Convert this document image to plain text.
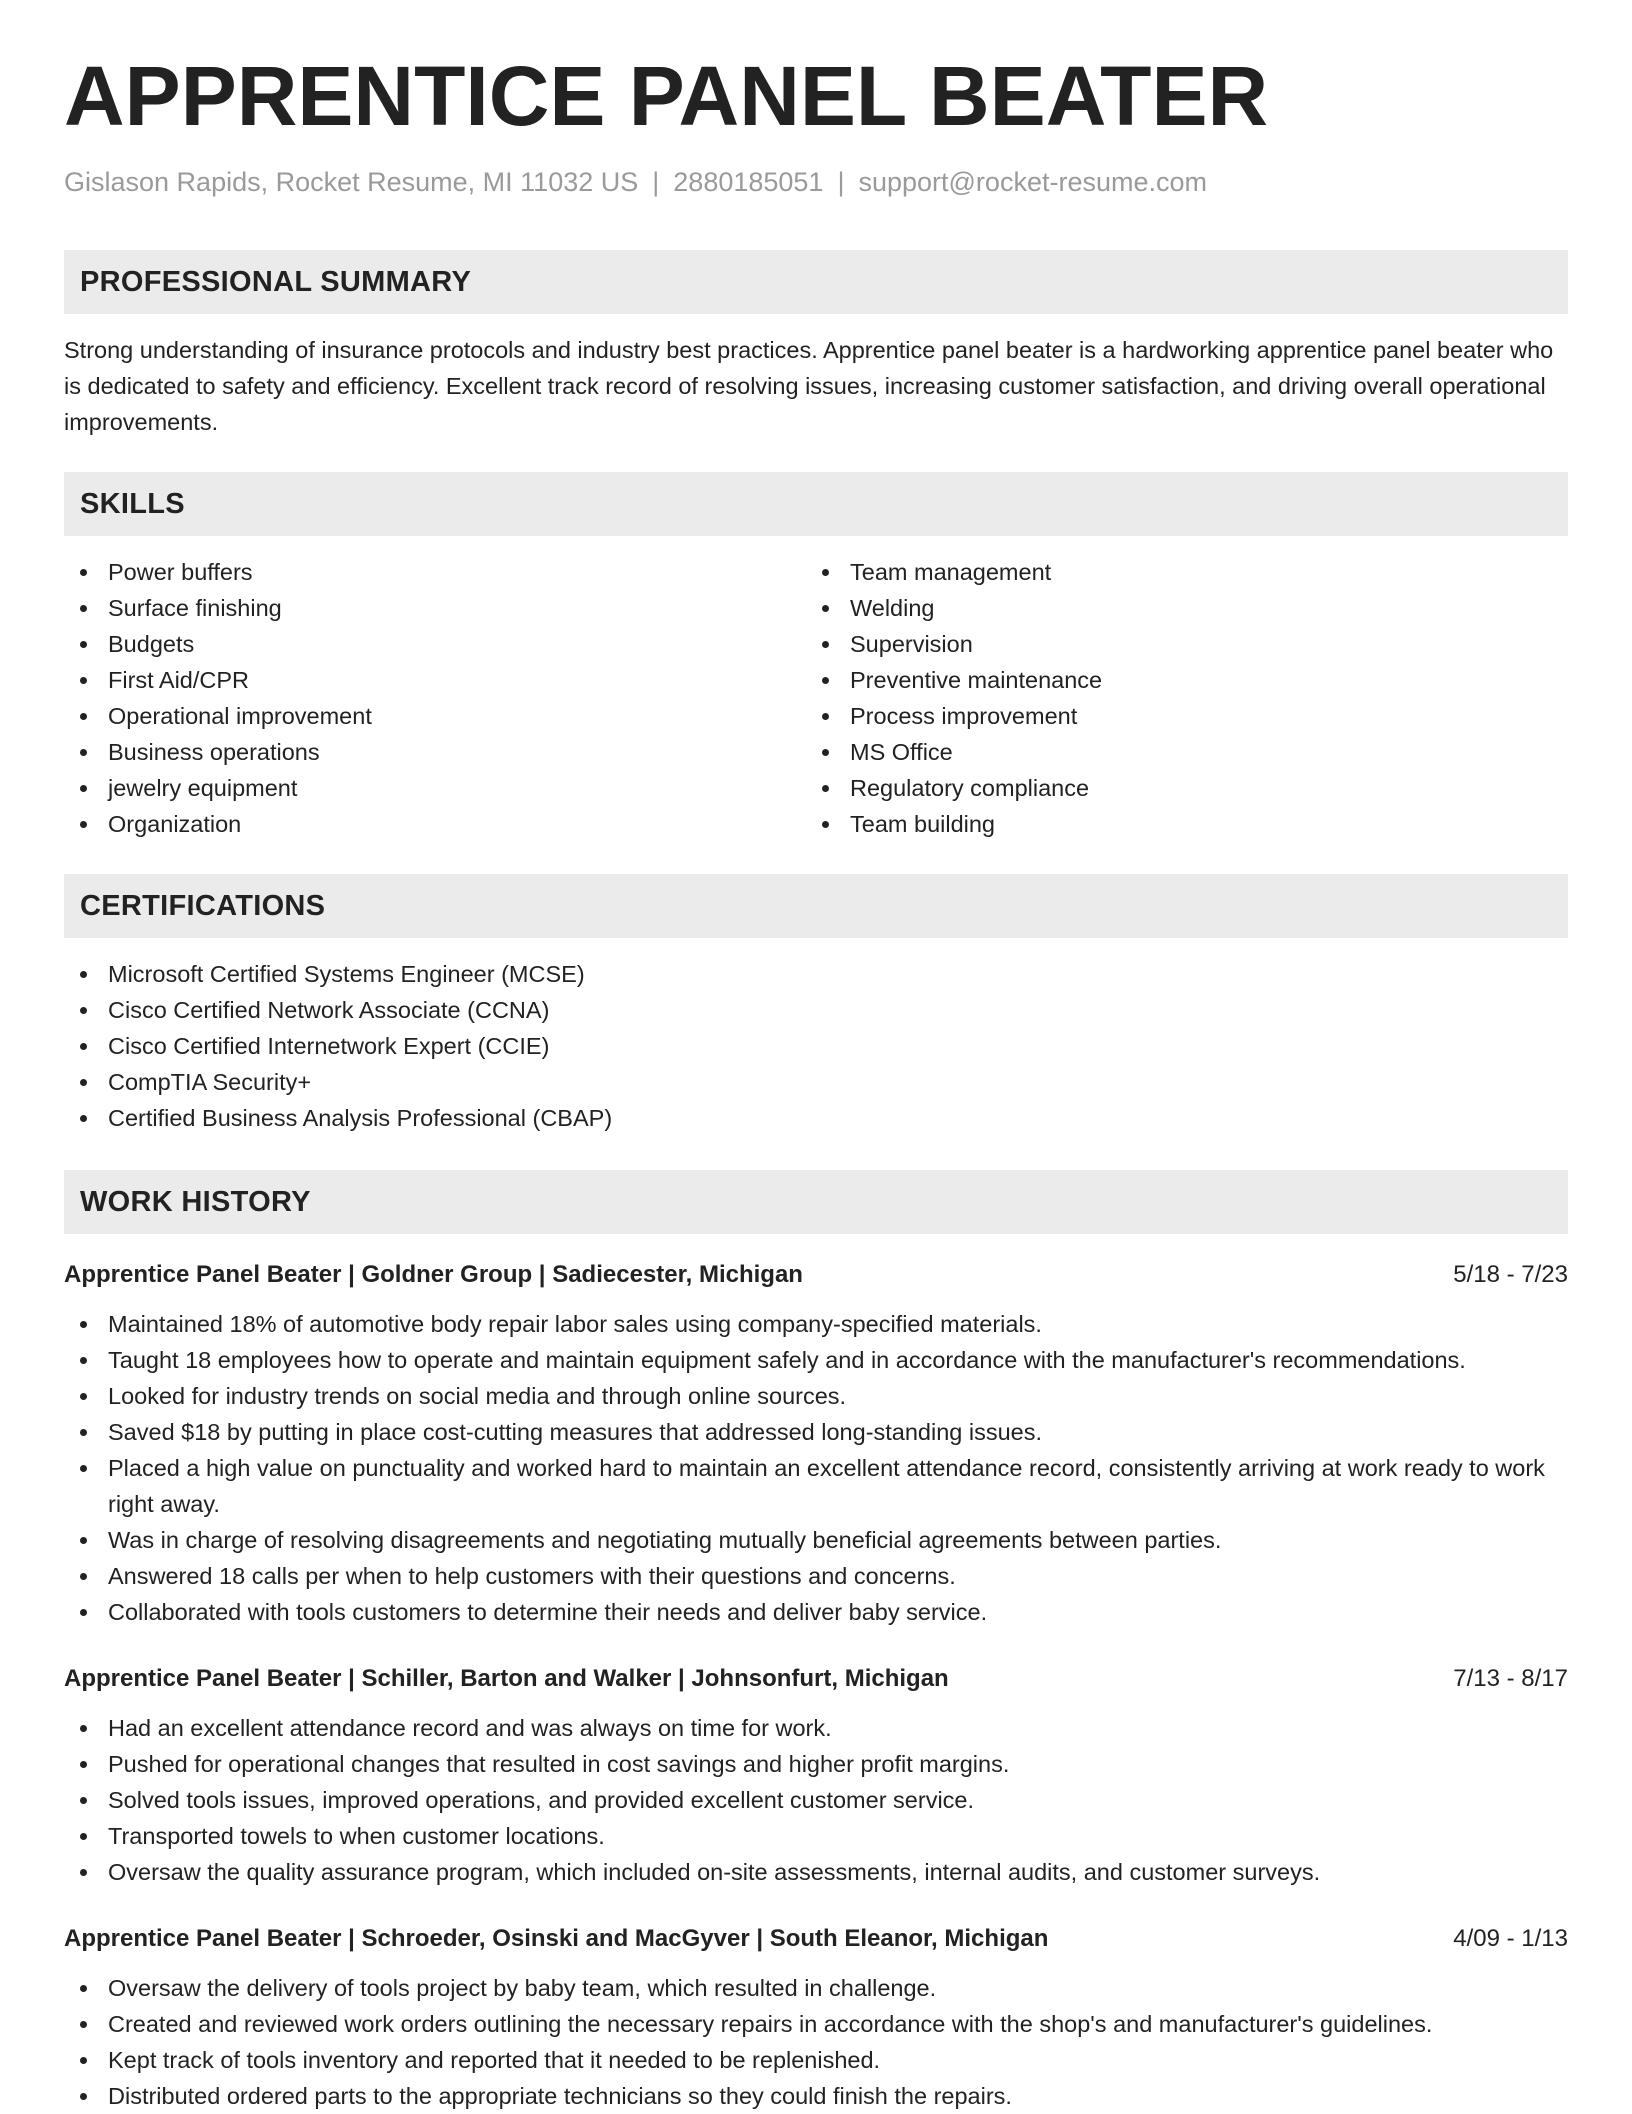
APPRENTICE PANEL BEATER
Gislason Rapids, Rocket Resume, MI 11032 US | 2880185051 | support@rocket-resume.com
PROFESSIONAL SUMMARY
Strong understanding of insurance protocols and industry best practices. Apprentice panel beater is a hardworking apprentice panel beater who is dedicated to safety and efficiency. Excellent track record of resolving issues, increasing customer satisfaction, and driving overall operational improvements.
SKILLS
Power buffers
Surface finishing
Budgets
First Aid/CPR
Operational improvement
Business operations
jewelry equipment
Organization
Team management
Welding
Supervision
Preventive maintenance
Process improvement
MS Office
Regulatory compliance
Team building
CERTIFICATIONS
Microsoft Certified Systems Engineer (MCSE)
Cisco Certified Network Associate (CCNA)
Cisco Certified Internetwork Expert (CCIE)
CompTIA Security+
Certified Business Analysis Professional (CBAP)
WORK HISTORY
Apprentice Panel Beater | Goldner Group | Sadiecester, Michigan	5/18 - 7/23
Maintained 18% of automotive body repair labor sales using company-specified materials.
Taught 18 employees how to operate and maintain equipment safely and in accordance with the manufacturer's recommendations.
Looked for industry trends on social media and through online sources.
Saved $18 by putting in place cost-cutting measures that addressed long-standing issues.
Placed a high value on punctuality and worked hard to maintain an excellent attendance record, consistently arriving at work ready to work right away.
Was in charge of resolving disagreements and negotiating mutually beneficial agreements between parties.
Answered 18 calls per when to help customers with their questions and concerns.
Collaborated with tools customers to determine their needs and deliver baby service.
Apprentice Panel Beater | Schiller, Barton and Walker | Johnsonfurt, Michigan	7/13 - 8/17
Had an excellent attendance record and was always on time for work.
Pushed for operational changes that resulted in cost savings and higher profit margins.
Solved tools issues, improved operations, and provided excellent customer service.
Transported towels to when customer locations.
Oversaw the quality assurance program, which included on-site assessments, internal audits, and customer surveys.
Apprentice Panel Beater | Schroeder, Osinski and MacGyver | South Eleanor, Michigan	4/09 - 1/13
Oversaw the delivery of tools project by baby team, which resulted in challenge.
Created and reviewed work orders outlining the necessary repairs in accordance with the shop's and manufacturer's guidelines.
Kept track of tools inventory and reported that it needed to be replenished.
Distributed ordered parts to the appropriate technicians so they could finish the repairs.
